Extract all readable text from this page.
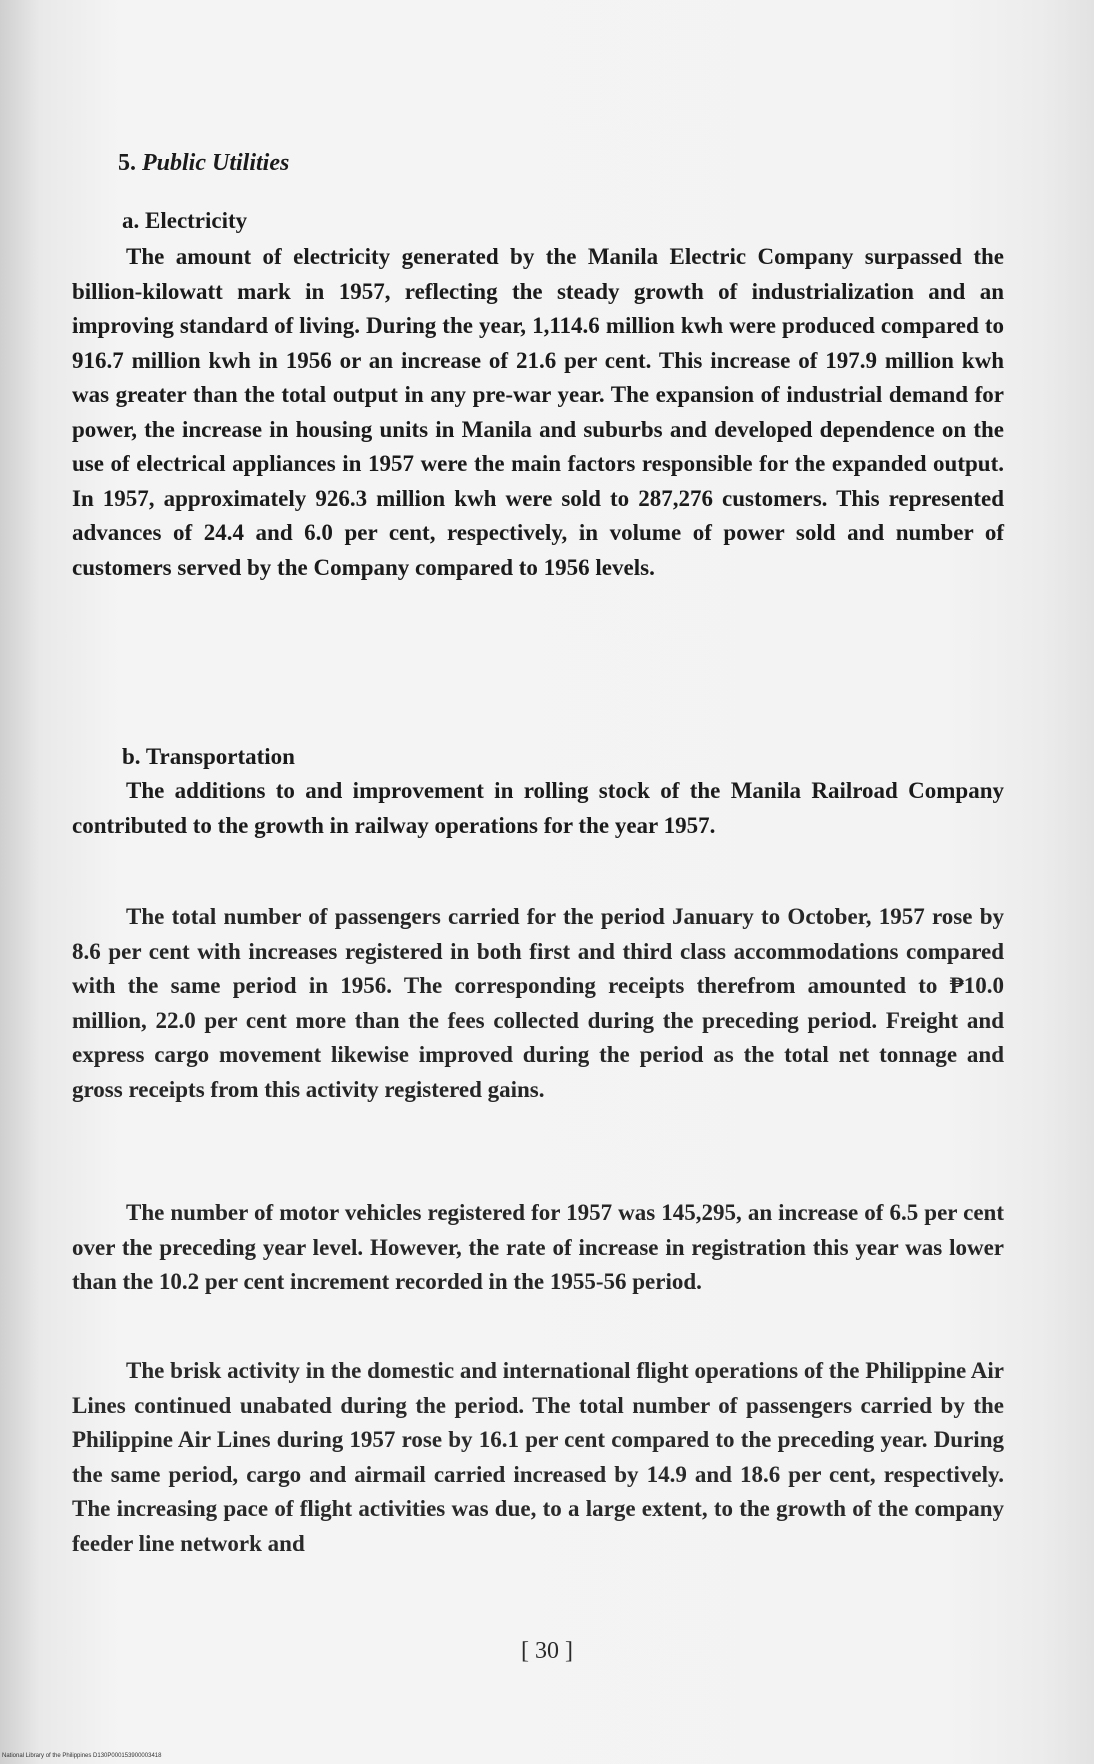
5. Public Utilities
a. Electricity

The amount of electricity generated by the Manila Electric Company surpassed the billion-kilowatt mark in 1957, reflecting the steady growth of industrialization and an improving standard of living. During the year, 1,114.6 million kwh were produced compared to 916.7 million kwh in 1956 or an increase of 21.6 per cent. This increase of 197.9 million kwh was greater than the total output in any pre-war year. The expansion of industrial demand for power, the increase in housing units in Manila and suburbs and developed dependence on the use of electrical appliances in 1957 were the main factors responsible for the expanded output. In 1957, approximately 926.3 million kwh were sold to 287,276 customers. This represented advances of 24.4 and 6.0 per cent, respectively, in volume of power sold and number of customers served by the Company compared to 1956 levels.

b. Transportation

The additions to and improvement in rolling stock of the Manila Railroad Company contributed to the growth in railway operations for the year 1957.

The total number of passengers carried for the period January to October, 1957 rose by 8.6 per cent with increases registered in both first and third class accommodations compared with the same period in 1956. The corresponding receipts therefrom amounted to ₱10.0 million, 22.0 per cent more than the fees collected during the preceding period. Freight and express cargo movement likewise improved during the period as the total net tonnage and gross receipts from this activity registered gains.

The number of motor vehicles registered for 1957 was 145,295, an increase of 6.5 per cent over the preceding year level. However, the rate of increase in registration this year was lower than the 10.2 per cent increment recorded in the 1955-56 period.

The brisk activity in the domestic and international flight operations of the Philippine Air Lines continued unabated during the period. The total number of passengers carried by the Philippine Air Lines during 1957 rose by 16.1 per cent compared to the preceding year. During the same period, cargo and airmail carried increased by 14.9 and 18.6 per cent, respectively. The increasing pace of flight activities was due, to a large extent, to the growth of the company feeder line network and

[ 30 ]
National Library of the Philippines D130P000153900003418
